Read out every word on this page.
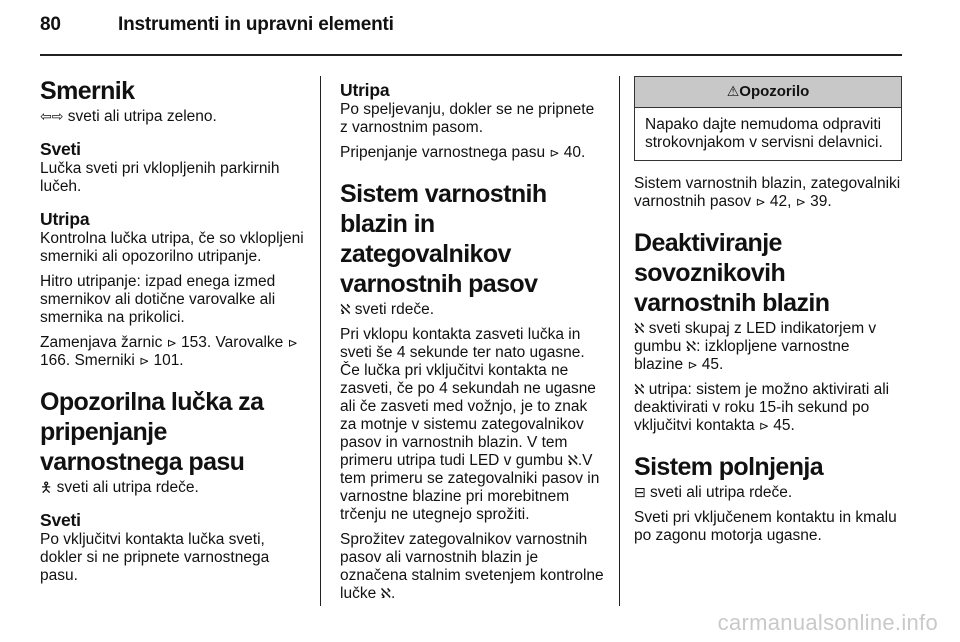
80	Instrumenti in upravni elementi
Smernik

⇦⇨ sveti ali utripa zeleno.

Sveti

Lučka sveti pri vklopljenih parkirnih lučeh.

Utripa

Kontrolna lučka utripa, če so vklopljeni smerniki ali opozorilno utripanje.

Hitro utripanje: izpad enega izmed smernikov ali dotične varovalke ali smernika na prikolici.

Zamenjava žarnic ⊳ 153. Varovalke ⊳ 166. Smerniki ⊳ 101.

Opozorilna lučka za pripenjanje varnostnega pasu

🯅 sveti ali utripa rdeče.

Sveti

Po vključitvi kontakta lučka sveti, dokler si ne pripnete varnostnega pasu.

Utripa

Po speljevanju, dokler se ne pripnete z varnostnim pasom.

Pripenjanje varnostnega pasu ⊳ 40.

Sistem varnostnih blazin in zategovalnikov varnostnih pasov

ℵ sveti rdeče.

Pri vklopu kontakta zasveti lučka in sveti še 4 sekunde ter nato ugasne. Če lučka pri vključitvi kontakta ne zasveti, če po 4 sekundah ne ugasne ali če zasveti med vožnjo, je to znak za motnje v sistemu zategovalnikov pasov in varnostnih blazin. V tem primeru utripa tudi LED v gumbu ℵ.V tem primeru se zategovalniki pasov in varnostne blazine pri morebitnem trčenju ne utegnejo sprožiti.

Sprožitev zategovalnikov varnostnih pasov ali varnostnih blazin je označena stalnim svetenjem kontrolne lučke ℵ.

⚠Opozorilo
Napako dajte nemudoma odpraviti strokovnjakom v servisni delavnici.

Sistem varnostnih blazin, zategovalniki varnostnih pasov ⊳ 42, ⊳ 39.

Deaktiviranje sovoznikovih varnostnih blazin

ℵ sveti skupaj z LED indikatorjem v gumbu ℵ: izklopljene varnostne blazine ⊳ 45.

ℵ utripa: sistem je možno aktivirati ali deaktivirati v roku 15-ih sekund po vključitvi kontakta ⊳ 45.

Sistem polnjenja

⊟ sveti ali utripa rdeče.

Sveti pri vključenem kontaktu in kmalu po zagonu motorja ugasne.

carmanualsonline.info
